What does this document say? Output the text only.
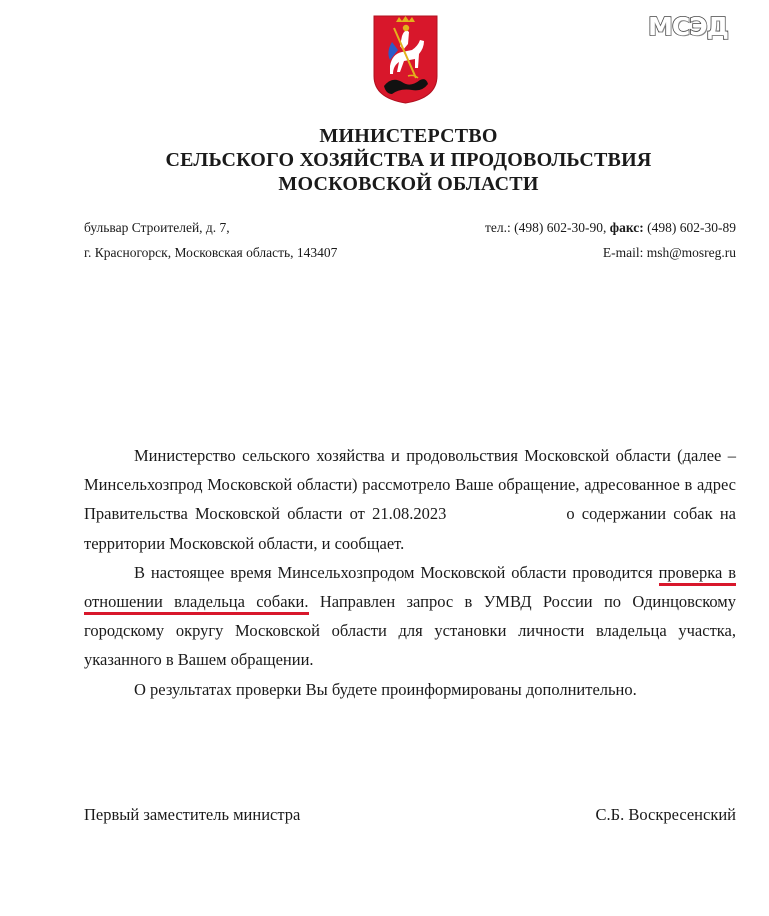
МСЭД
МИНИСТЕРСТВО
СЕЛЬСКОГО ХОЗЯЙСТВА И ПРОДОВОЛЬСТВИЯ
МОСКОВСКОЙ ОБЛАСТИ
бульвар Строителей, д. 7,	тел.: (498) 602-30-90, факс: (498) 602-30-89
г. Красногорск, Московская область, 143407	E-mail: msh@mosreg.ru

Министерство сельского хозяйства и продовольствия Московской области (далее – Минсельхозпрод Московской области) рассмотрело Ваше обращение, адресованное в адрес Правительства Московской области от 21.08.2023	о содержании собак на территории Московской области, и сообщает.

В настоящее время Минсельхозпродом Московской области проводится проверка в отношении владельца собаки. Направлен запрос в УМВД России по Одинцовскому городскому округу Московской области для установки личности владельца участка, указанного в Вашем обращении.

О результатах проверки Вы будете проинформированы дополнительно.

Первый заместитель министра	С.Б. Воскресенский
